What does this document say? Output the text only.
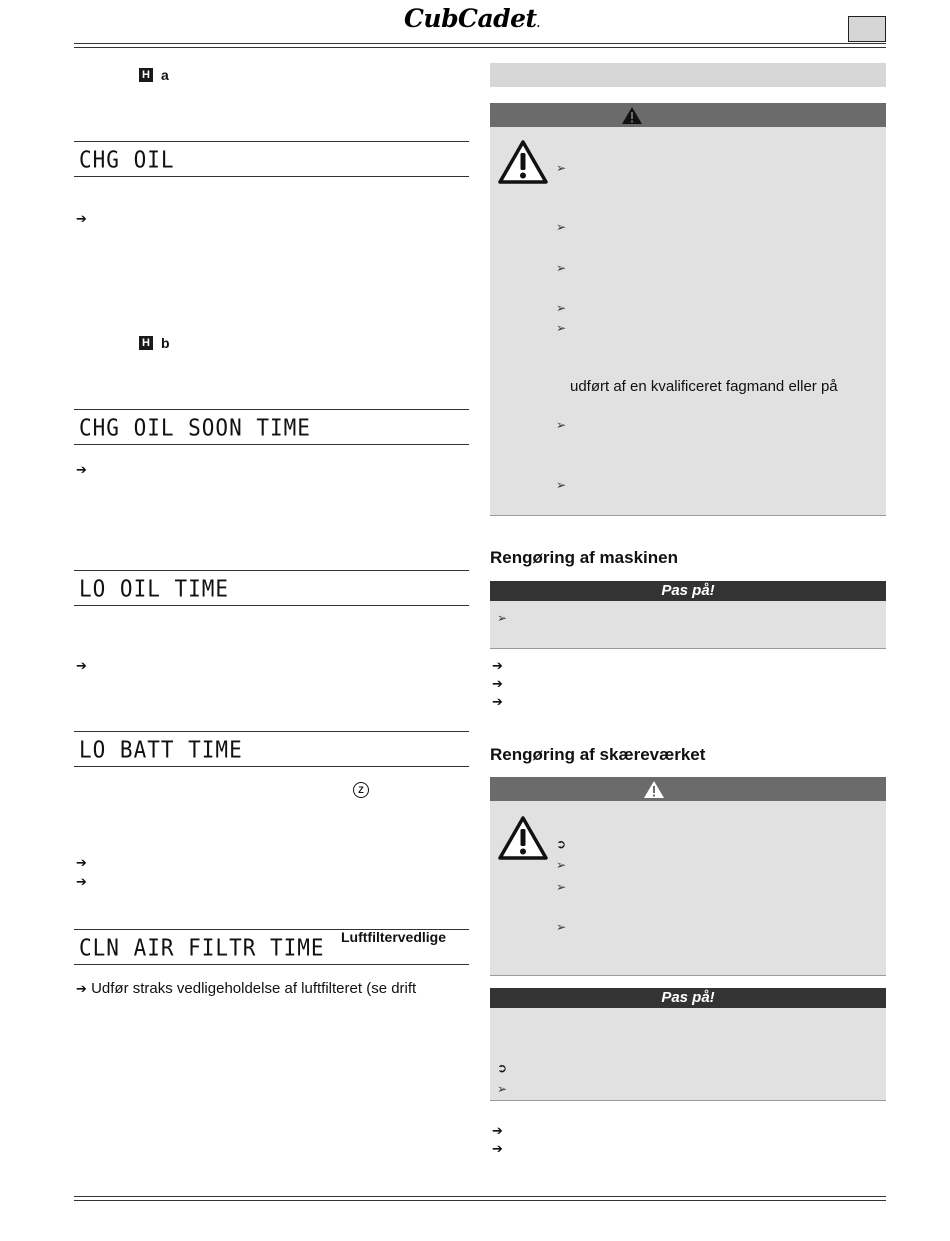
CubCadet.
H a
CHG OIL
➔
H b
CHG OIL SOON TIME
➔
LO OIL TIME
➔
LO BATT TIME
Z
➔
➔
CLN AIR FILTR TIME Luftfiltervedlige
➔ Udfør straks vedligeholdelse af luftfilteret (se drift
➢
➢
➢
➢
➢
udført af en kvalificeret fagmand eller på
➢
➢
Rengøring af maskinen
Pas på!
➢
➔
➔
➔
Rengøring af skæreværket
➲
➢
➢
➢
Pas på!
➲
➢
➔
➔
